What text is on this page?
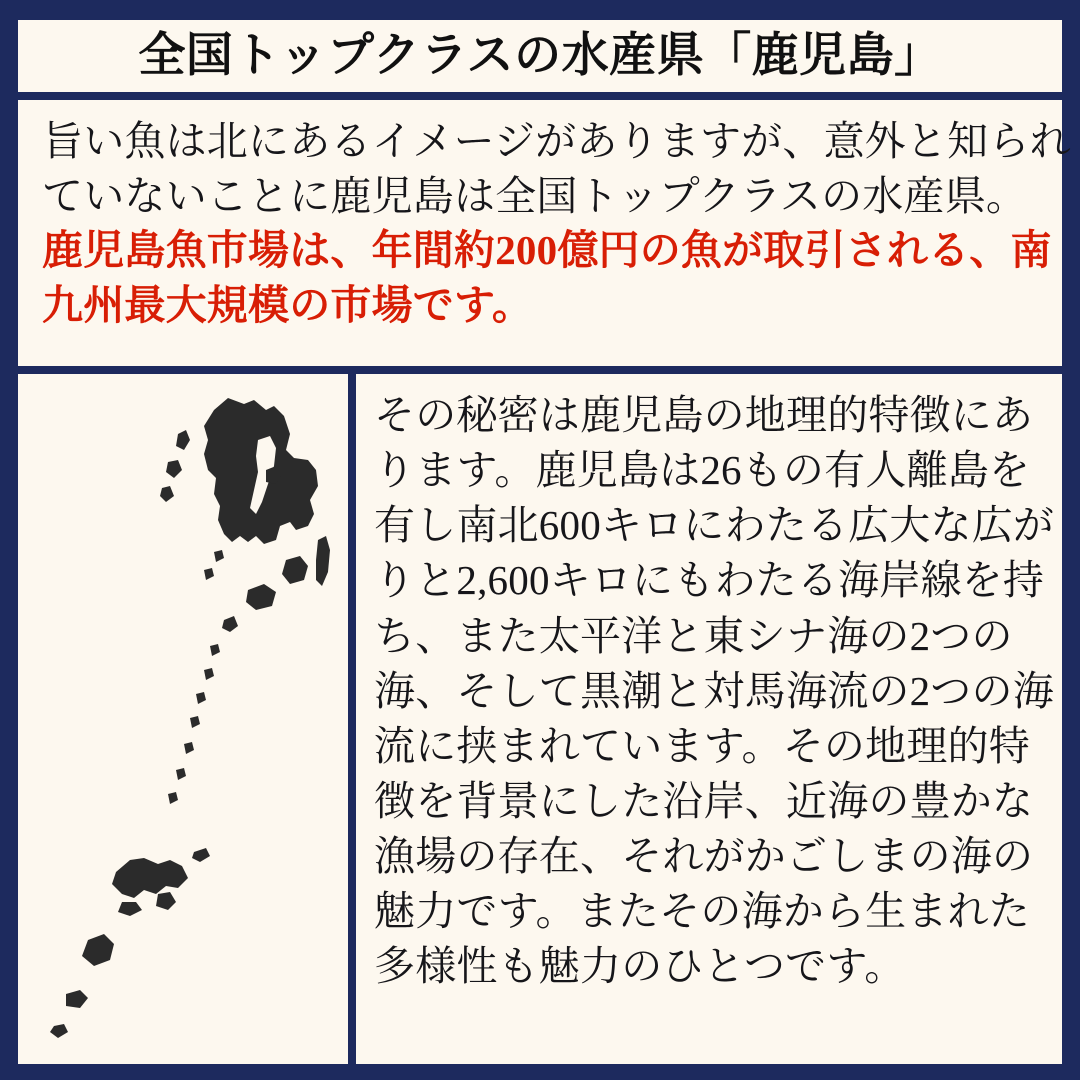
全国トップクラスの水産県「鹿児島」
旨い魚は北にあるイメージがありますが、意外と知られ
ていないことに鹿児島は全国トップクラスの水産県。
鹿児島魚市場は、年間約200億円の魚が取引される、南
九州最大規模の市場です。
その秘密は鹿児島の地理的特徴にあ
ります。鹿児島は26もの有人離島を
有し南北600キロにわたる広大な広が
りと2,600キロにもわたる海岸線を持
ち、また太平洋と東シナ海の2つの
海、そして黒潮と対馬海流の2つの海
流に挟まれています。その地理的特
徴を背景にした沿岸、近海の豊かな
漁場の存在、それがかごしまの海の
魅力です。またその海から生まれた
多様性も魅力のひとつです。
